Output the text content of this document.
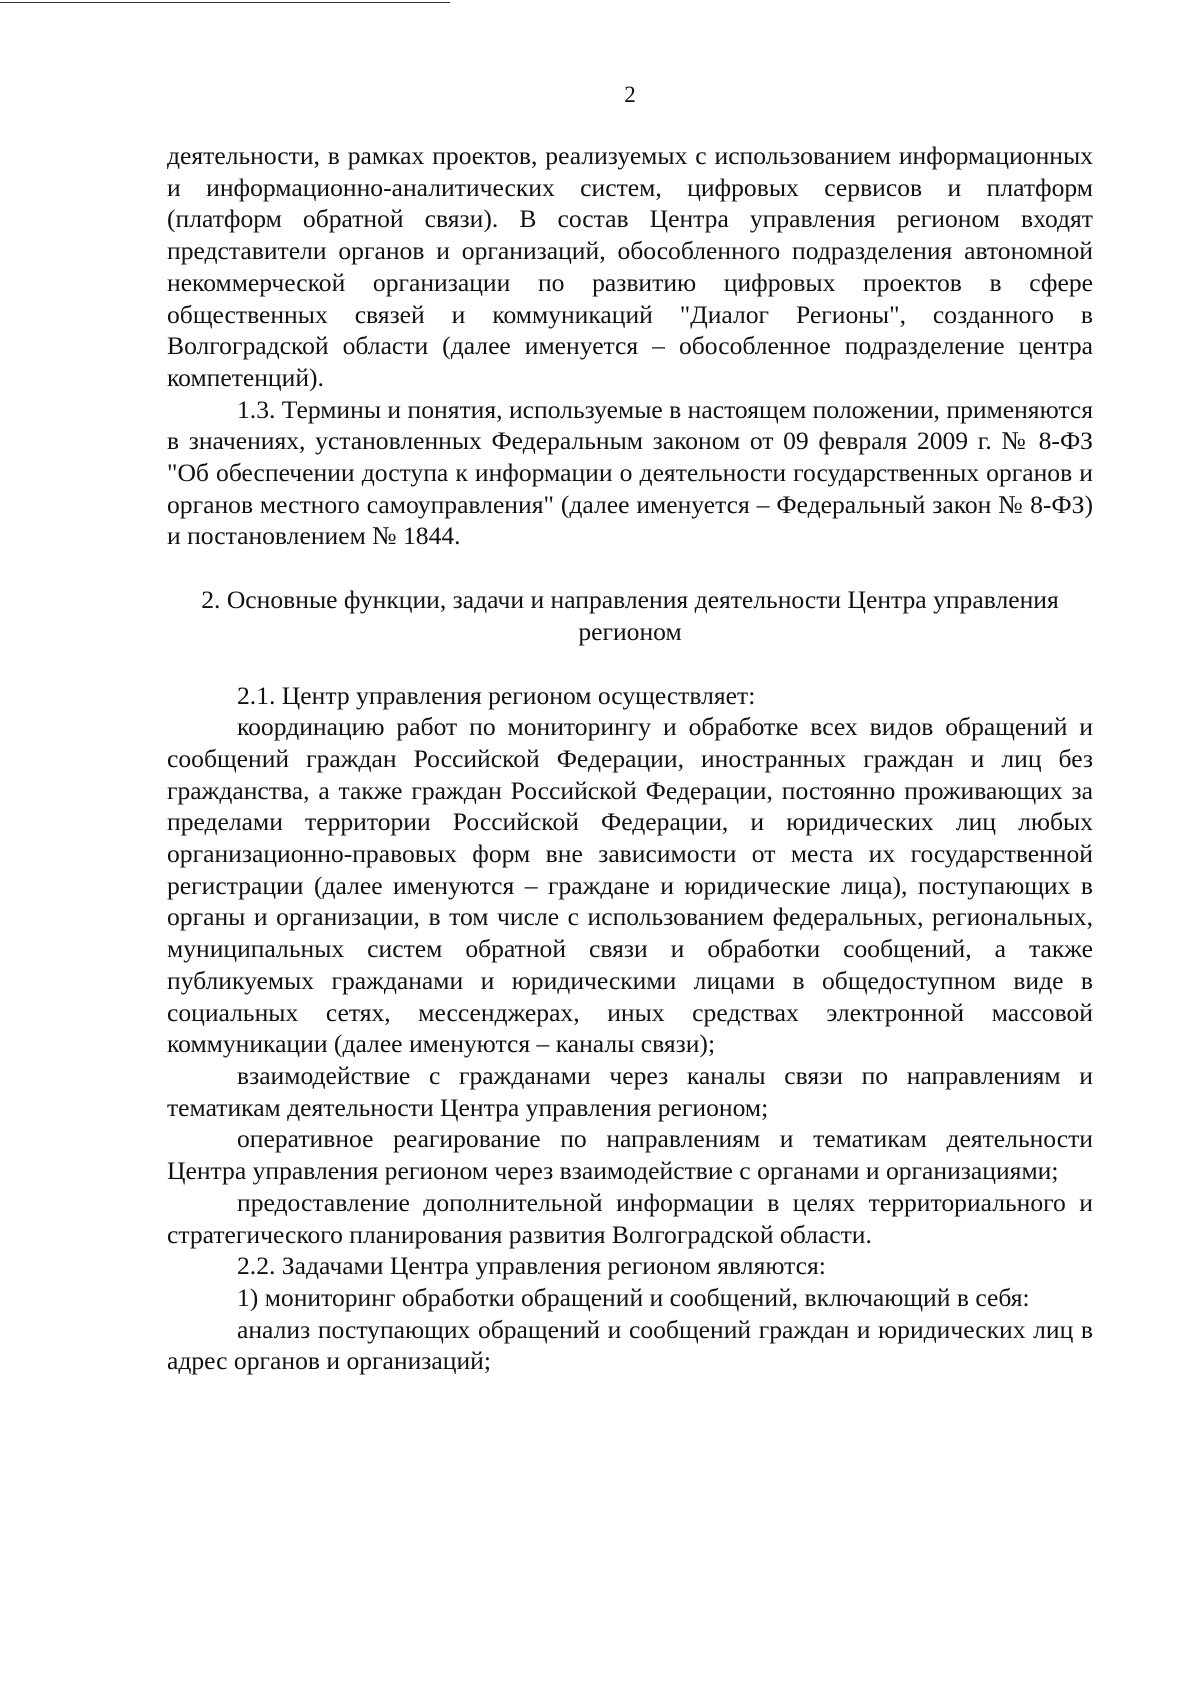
2

деятельности, в рамках проектов, реализуемых с использованием информационных и информационно-аналитических систем, цифровых сервисов и платформ (платформ обратной связи). В состав Центра управления регионом входят представители органов и организаций, обособленного подразделения автономной некоммерческой организации по развитию цифровых проектов в сфере общественных связей и коммуникаций "Диалог Регионы", созданного в Волгоградской области (далее именуется – обособленное подразделение центра компетенций).

1.3. Термины и понятия, используемые в настоящем положении, применяются в значениях, установленных Федеральным законом от 09 февраля 2009 г. № 8-ФЗ "Об обеспечении доступа к информации о деятельности государственных органов и органов местного самоуправления" (далее именуется – Федеральный закон № 8-ФЗ) и постановлением № 1844.

2. Основные функции, задачи и направления деятельности Центра управления регионом

2.1. Центр управления регионом осуществляет:

координацию работ по мониторингу и обработке всех видов обращений и сообщений граждан Российской Федерации, иностранных граждан и лиц без гражданства, а также граждан Российской Федерации, постоянно проживающих за пределами территории Российской Федерации, и юридических лиц любых организационно-правовых форм вне зависимости от места их государственной регистрации (далее именуются – граждане и юридические лица), поступающих в органы и организации, в том числе с использованием федеральных, региональных, муниципальных систем обратной связи и обработки сообщений, а также публикуемых гражданами и юридическими лицами в общедоступном виде в социальных сетях, мессенджерах, иных средствах электронной массовой коммуникации (далее именуются – каналы связи);

взаимодействие с гражданами через каналы связи по направлениям и тематикам деятельности Центра управления регионом;

оперативное реагирование по направлениям и тематикам деятельности Центра управления регионом через взаимодействие с органами и организациями;

предоставление дополнительной информации в целях территориального и стратегического планирования развития Волгоградской области.

2.2. Задачами Центра управления регионом являются:

1) мониторинг обработки обращений и сообщений, включающий в себя:

анализ поступающих обращений и сообщений граждан и юридических лиц в адрес органов и организаций;
